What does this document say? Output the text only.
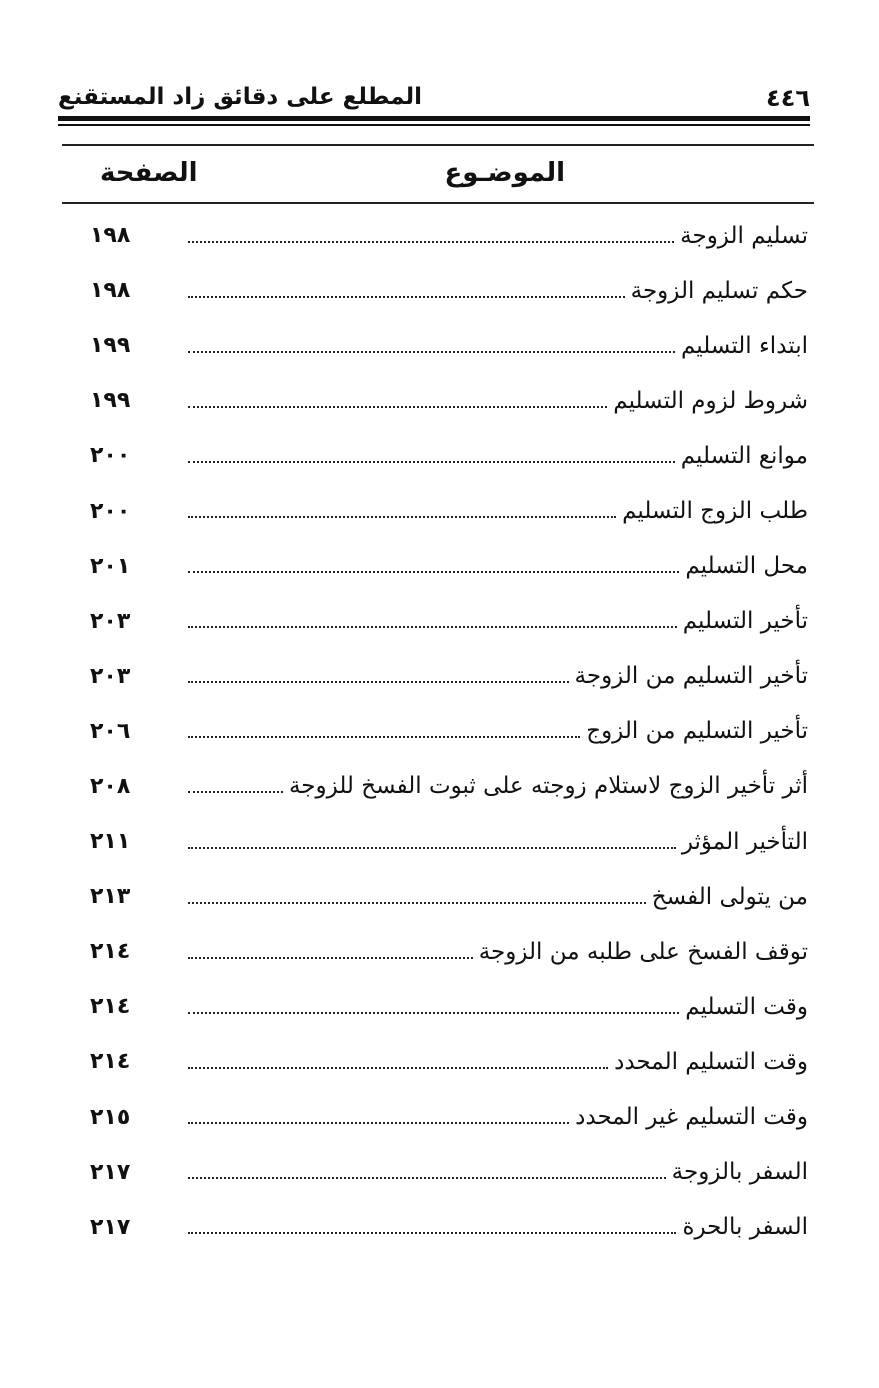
٤٤٦
المطلع على دقائق زاد المستقنع
الموضـوع
الصفحة
تسليم الزوجة
١٩٨
حكم تسليم الزوجة
١٩٨
ابتداء التسليم
١٩٩
شروط لزوم التسليم
١٩٩
موانع التسليم
٢٠٠
طلب الزوج التسليم
٢٠٠
محل التسليم
٢٠١
تأخير التسليم
٢٠٣
تأخير التسليم من الزوجة
٢٠٣
تأخير التسليم من الزوج
٢٠٦
أثر تأخير الزوج لاستلام زوجته على ثبوت الفسخ للزوجة
٢٠٨
التأخير المؤثر
٢١١
من يتولى الفسخ
٢١٣
توقف الفسخ على طلبه من الزوجة
٢١٤
وقت التسليم
٢١٤
وقت التسليم المحدد
٢١٤
وقت التسليم غير المحدد
٢١٥
السفر بالزوجة
٢١٧
السفر بالحرة
٢١٧
